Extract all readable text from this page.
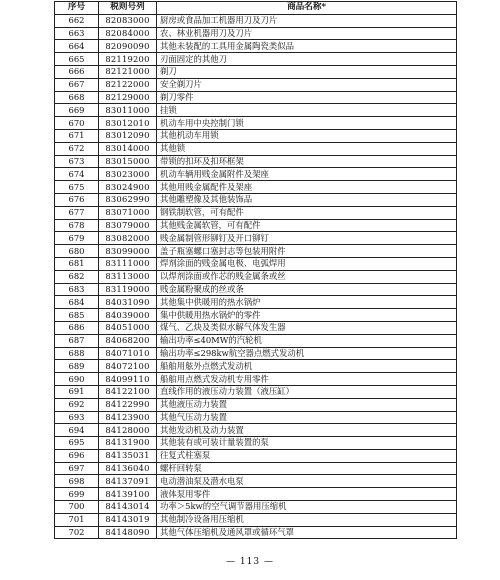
序号	税则号列	商品名称*
662	82083000	厨房或食品加工机器用刀及刀片
663	82084000	农、林业机器用刀及刀片
664	82090090	其他未装配的工具用金属陶瓷类似品
665	82119200	刃面固定的其他刀
666	82121000	剃刀
667	82122000	安全剃刀片
668	82129000	剃刀零件
669	83011000	挂锁
670	83012010	机动车用中央控制门锁
671	83012090	其他机动车用锁
672	83014000	其他锁
673	83015000	带锁的扣环及扣环框架
674	83023000	机动车辆用贱金属附件及架座
675	83024900	其他用贱金属配件及架座
676	83062990	其他雕塑像及其他装饰品
677	83071000	钢铁制软管，可有配件
678	83079000	其他贱金属软管，可有配件
679	83082000	贱金属制管形铆钉及开口铆钉
680	83099000	盖子瓶塞螺口塞封志等包装用附件
681	83111000	焊剂涂面的贱金属电极、电弧焊用
682	83113000	以焊剂涂面或作芯的贱金属条或丝
683	83119000	贱金属粉聚成的丝或条
684	84031090	其他集中供暖用的热水锅炉
685	84039000	集中供暖用热水锅炉的零件
686	84051000	煤气、乙炔及类似水解气体发生器
687	84068200	输出功率≤40MW的汽轮机
688	84071010	输出功率≤298kw航空器点燃式发动机
689	84072100	船舶用舷外点燃式发动机
690	84099110	船舶用点燃式发动机专用零件
691	84122100	直线作用的液压动力装置（液压缸）
692	84122990	其他液压动力装置
693	84123900	其他气压动力装置
694	84128000	其他发动机及动力装置
695	84131900	其他装有或可装计量装置的泵
696	84135031	往复式柱塞泵
697	84136040	螺杆回转泵
698	84137091	电动潜油泵及潜水电泵
699	84139100	液体泵用零件
700	84143014	功率＞5kw的空气调节器用压缩机
701	84143019	其他制冷设备用压缩机
702	84148090	其他气体压缩机及通风罩或循环气罩
— 113 —
